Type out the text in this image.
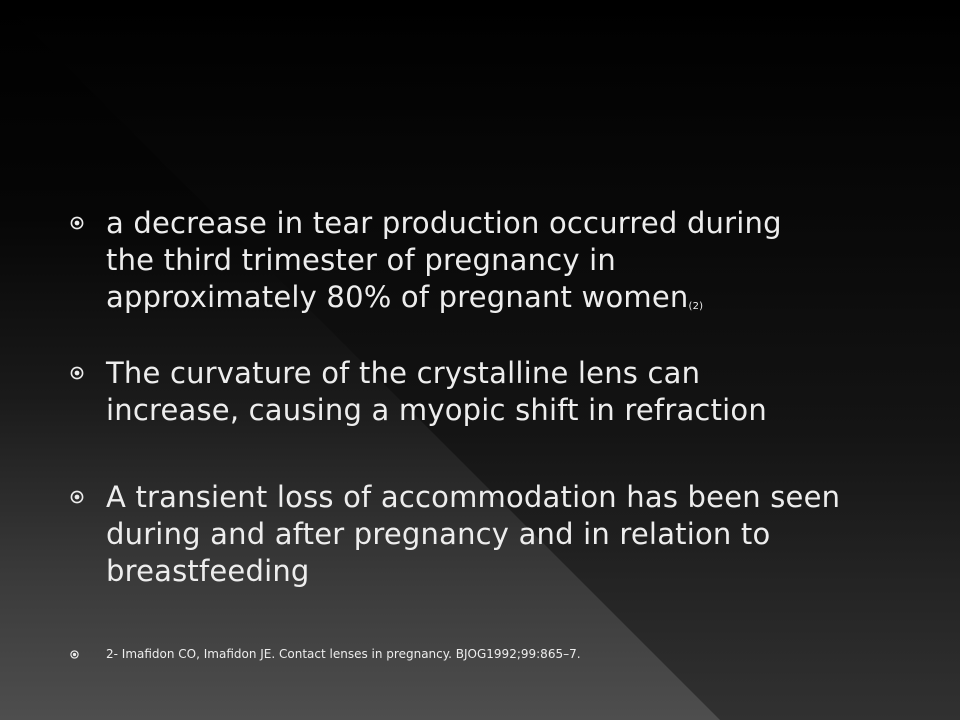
a decrease in tear production occurred during
the third trimester of pregnancy in
approximately 80% of pregnant women$_{(2)}$
The curvature of the crystalline lens can
increase, causing a myopic shift in refraction
A transient loss of accommodation has been seen
during and after pregnancy and in relation to
breastfeeding
2- Imafidon CO, Imafidon JE. Contact lenses in pregnancy. BJOG1992;99:865–7.
